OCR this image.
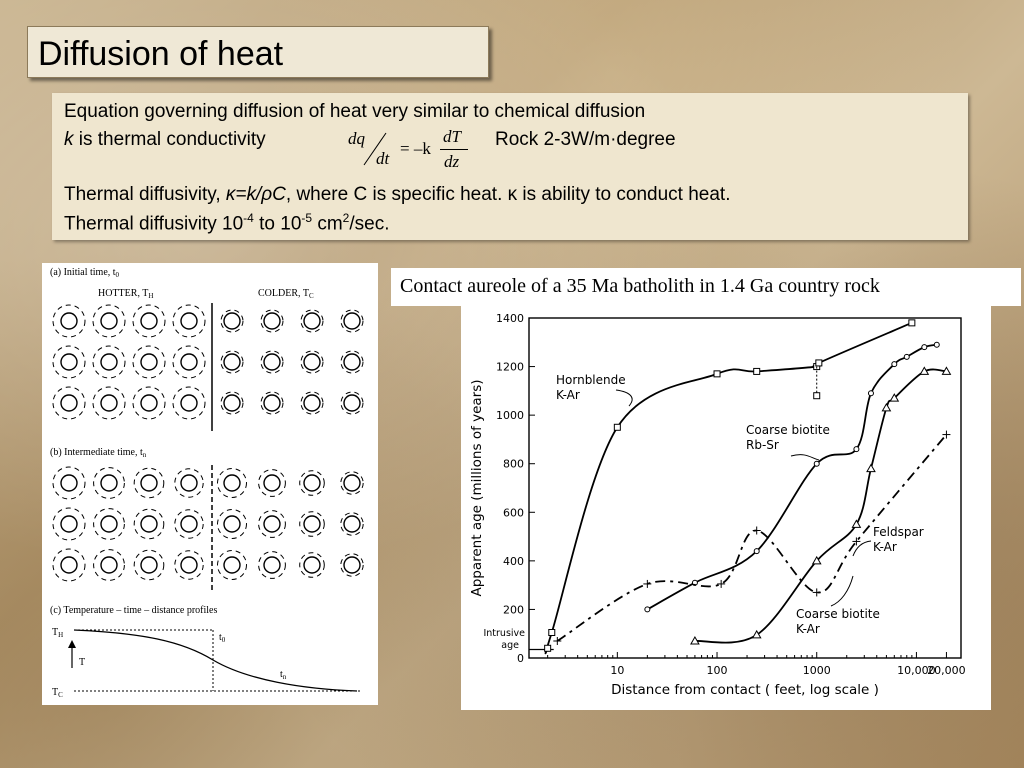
Diffusion of heat
Equation governing diffusion of heat very similar to chemical diffusion
k is thermal conductivity	dq
dt
= –k
dT
dz
Rock 2-3W/m·degree
Thermal diffusivity, κ=k/ρC, where C is specific heat. κ is ability to conduct heat.
Thermal diffusivity $10^{-4}$ to $10^{-5}$ $cm^2/\sec$.
(a) Initial time, $t_0$
HOTTER, $T_H$	COLDER, $T_C$
(b) Intermediate time, $t_n$
(c) Temperature – time – distance profiles
$T_H$
$T_C$
T
$t_0$
$t_n$
Contact aureole of a 35 Ma batholith in 1.4 Ga country rock
0
200
400
600
800
1000
1200
1400
10	100	1000	10,000
20,000
Distance from contact ( feet, log scale )
Apparent age (millions of years)
Intrusive
age
Hornblende
K-Ar
Coarse biotite
Rb-Sr
Feldspar
K-Ar
Coarse biotite
K-Ar
